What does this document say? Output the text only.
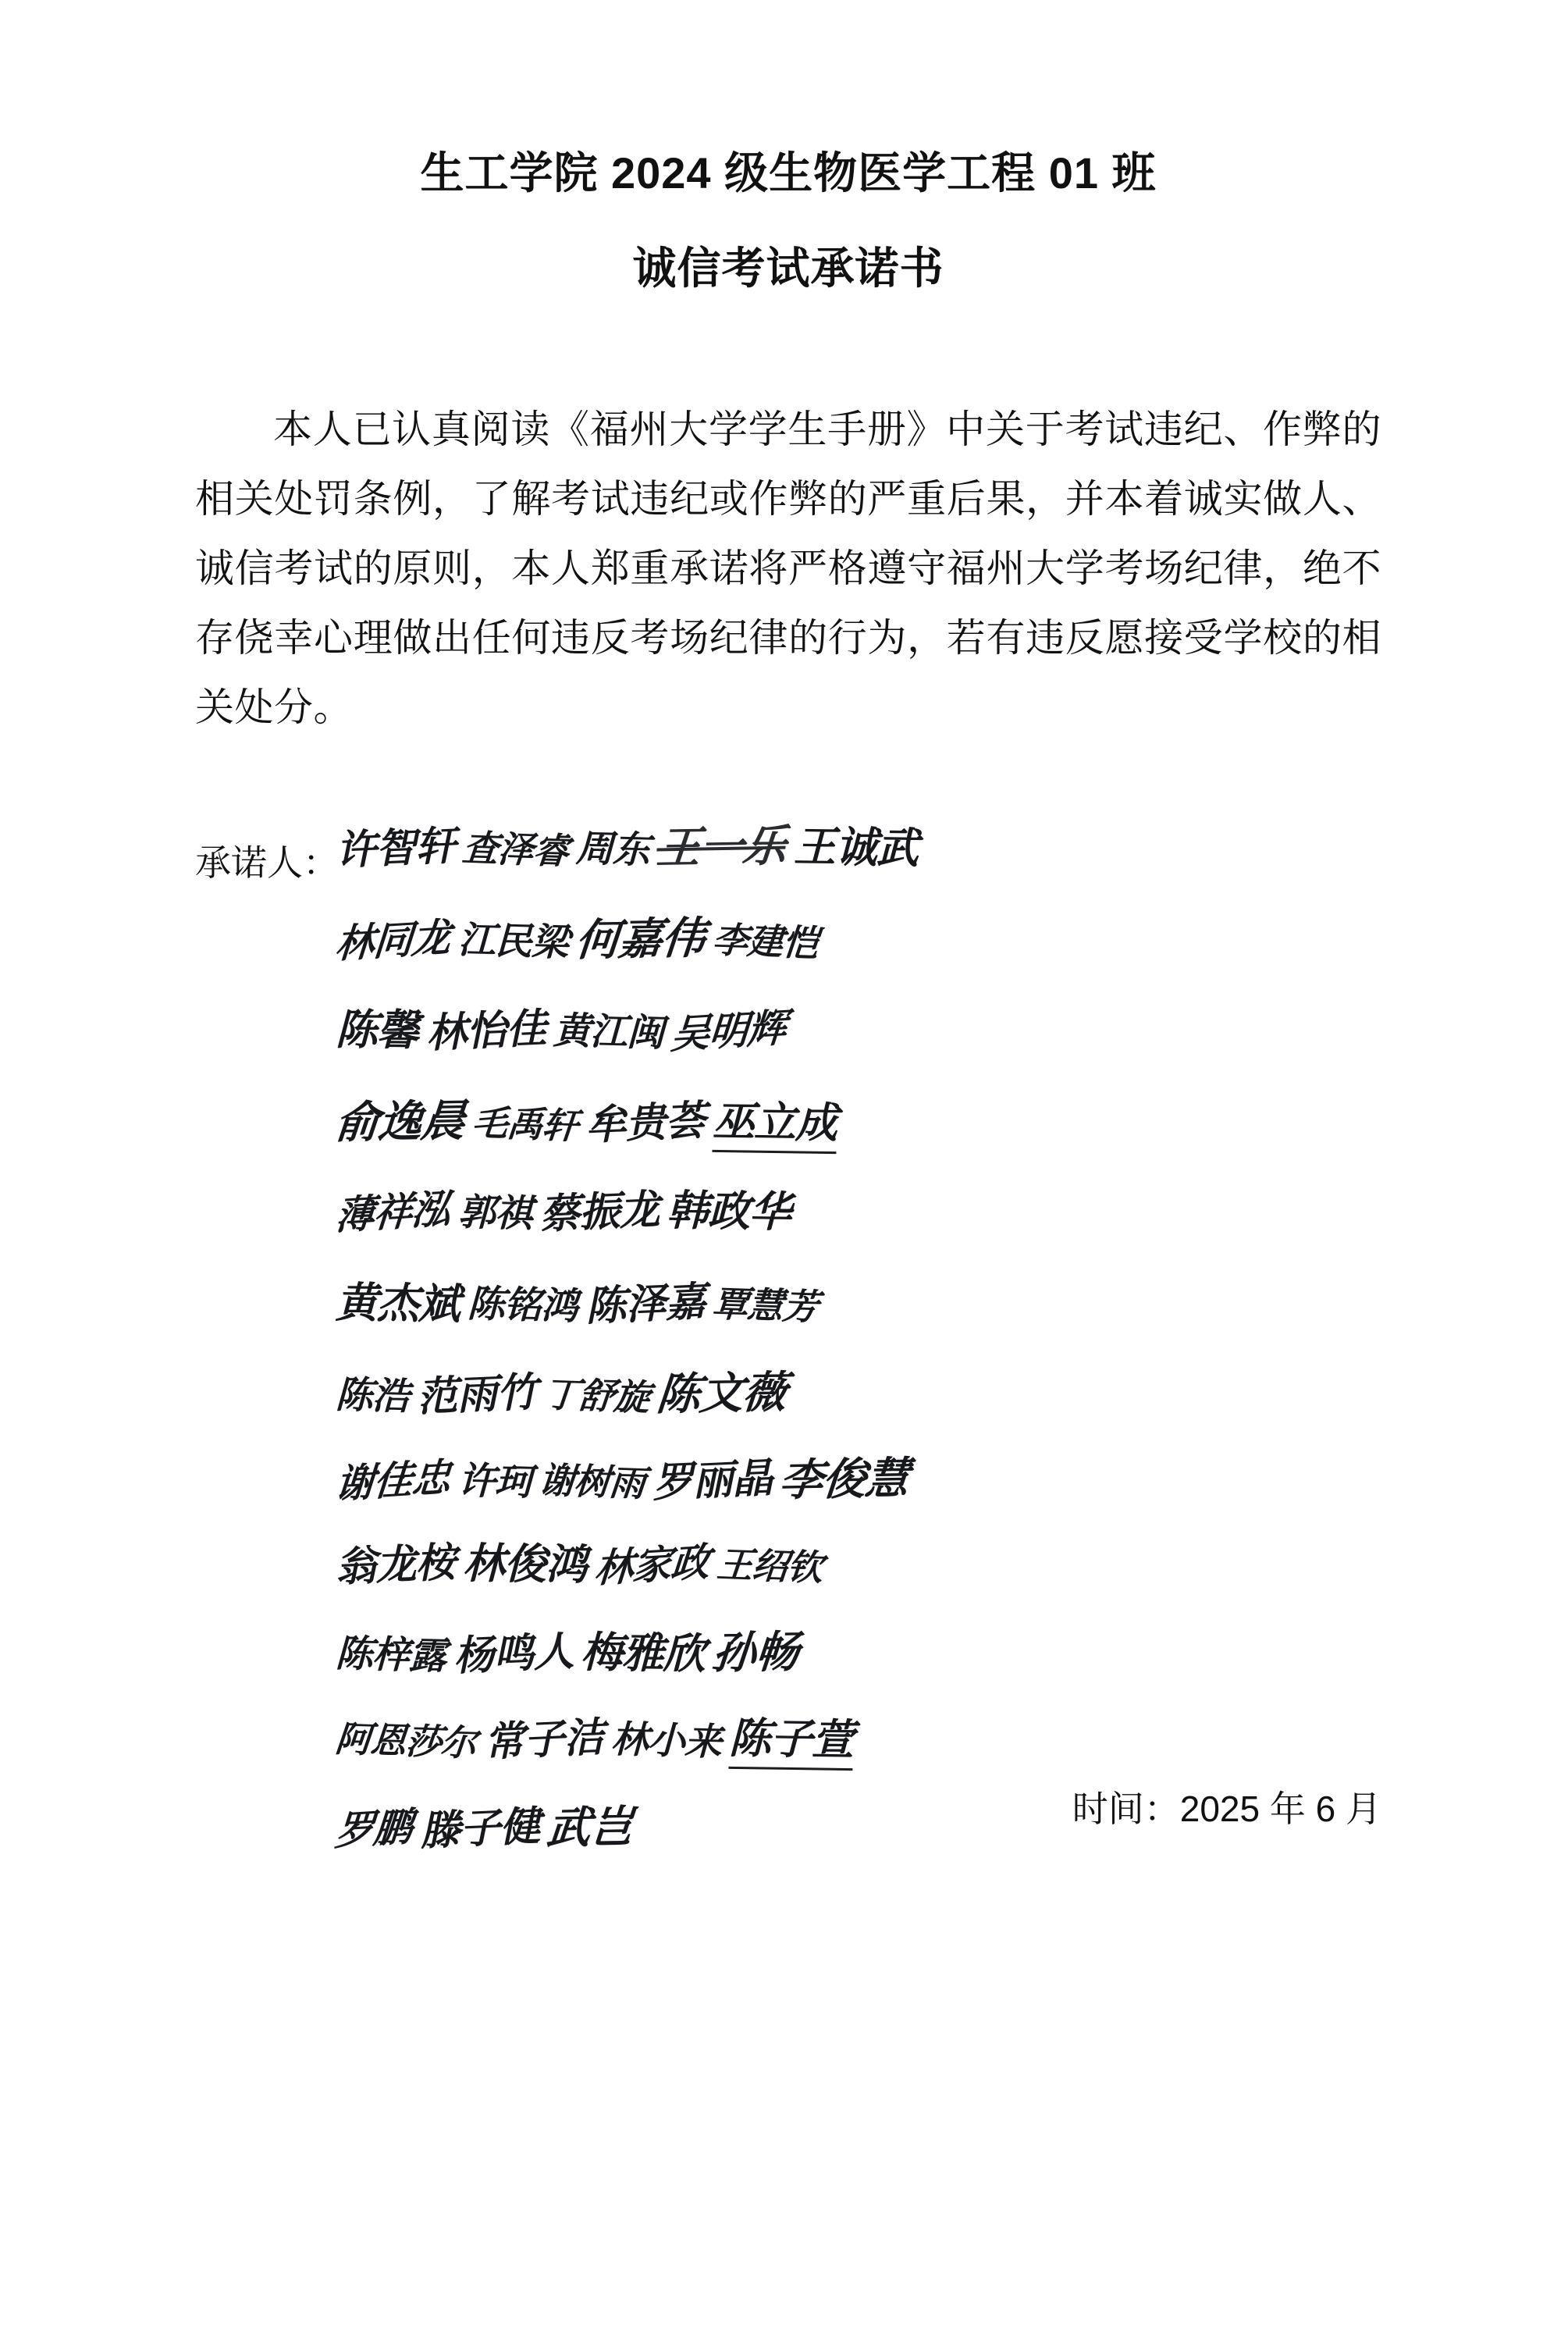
生工学院 2024 级生物医学工程 01 班
诚信考试承诺书
本人已认真阅读《福州大学学生手册》中关于考试违纪、作弊的相关处罚条例，了解考试违纪或作弊的严重后果，并本着诚实做人、诚信考试的原则，本人郑重承诺将严格遵守福州大学考场纪律，绝不存侥幸心理做出任何违反考场纪律的行为，若有违反愿接受学校的相关处分。
承诺人：
许智轩 査泽睿 周东 王一乐 王诚武
林同龙 江民梁 何嘉伟 李建恺
陈馨 林怡佳 黄江闽 吴明辉
俞逸晨 毛禹轩 牟贵荟 巫立成
薄祥泓 郭祺 蔡振龙 韩政华
黄杰斌 陈铭鸿 陈泽嘉 覃慧芳
陈浩 范雨竹 丁舒旋 陈文薇
谢佳忠 许珂 谢树雨 罗丽晶 李俊慧
翁龙桉 林俊鸿 林家政 王绍钦
陈梓露 杨鸣人 梅雅欣 孙畅
阿恩莎尔 常子洁 林小来 陈子萱
罗鹏 滕子健 武岂	时间：2025 年 6 月
